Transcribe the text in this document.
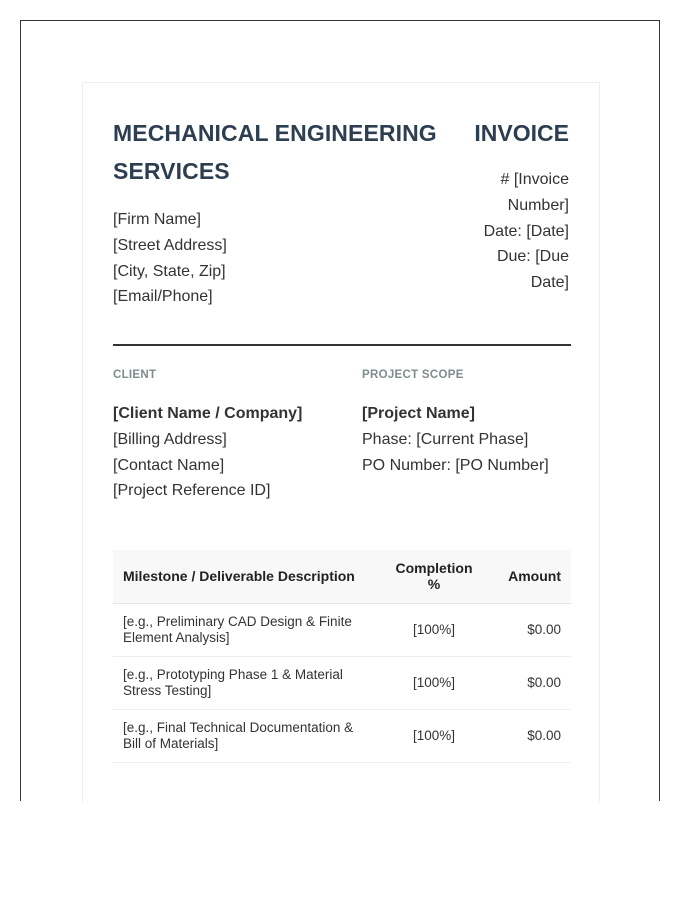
MECHANICAL ENGINEERING SERVICES
[Firm Name]
[Street Address]
[City, State, Zip]
[Email/Phone]
INVOICE
# [Invoice Number]
Date: [Date]
Due: [Due Date]
CLIENT	PROJECT SCOPE
[Client Name / Company]
[Billing Address]
[Contact Name]
[Project Reference ID]
[Project Name]
Phase: [Current Phase]
PO Number: [PO Number]
Milestone / Deliverable Description	Completion %	Amount
[e.g., Preliminary CAD Design & Finite Element Analysis]	[100%]	$0.00
[e.g., Prototyping Phase 1 & Material Stress Testing]	[100%]	$0.00
[e.g., Final Technical Documentation & Bill of Materials]	[100%]	$0.00
